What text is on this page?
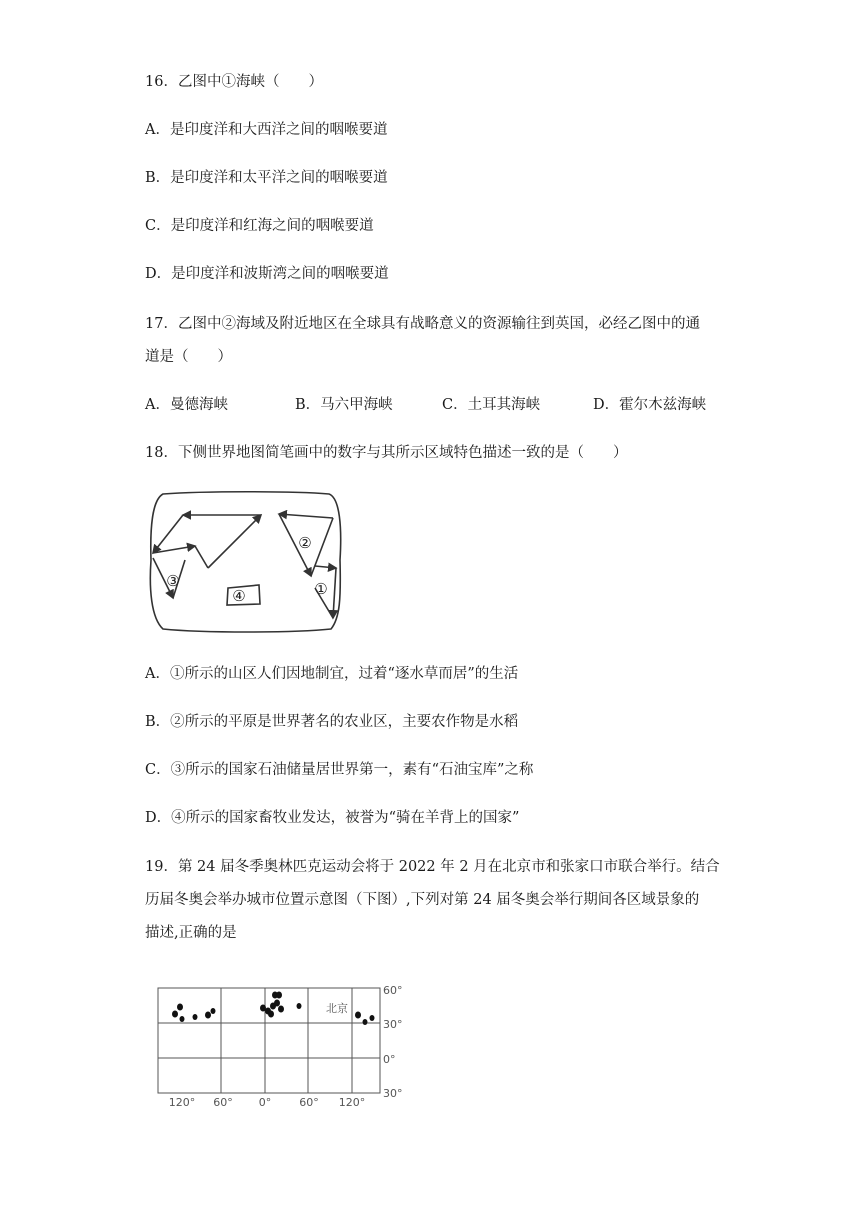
16．乙图中①海峡（　　）
A．是印度洋和大西洋之间的咽喉要道
B．是印度洋和太平洋之间的咽喉要道
C．是印度洋和红海之间的咽喉要道
D．是印度洋和波斯湾之间的咽喉要道
17．乙图中②海域及附近地区在全球具有战略意义的资源输往到英国，必经乙图中的通
道是（　　）
A．曼德海峡	B．马六甲海峡	C．土耳其海峡	D．霍尔木兹海峡
18．下侧世界地图简笔画中的数字与其所示区域特色描述一致的是（　　）
②
①
③
④
A．①所示的山区人们因地制宜，过着“逐水草而居”的生活
B．②所示的平原是世界著名的农业区，主要农作物是水稻
C．③所示的国家石油储量居世界第一，素有“石油宝库”之称
D．④所示的国家畜牧业发达，被誉为“骑在羊背上的国家”
19．第 24 届冬季奥林匹克运动会将于 2022 年 2 月在北京市和张家口市联合举行。结合
历届冬奥会举办城市位置示意图（下图）,下列对第 24 届冬奥会举行期间各区域景象的
描述,正确的是
北京
60°
30°
0°
30°
120° 60° 0°	60° 120°
